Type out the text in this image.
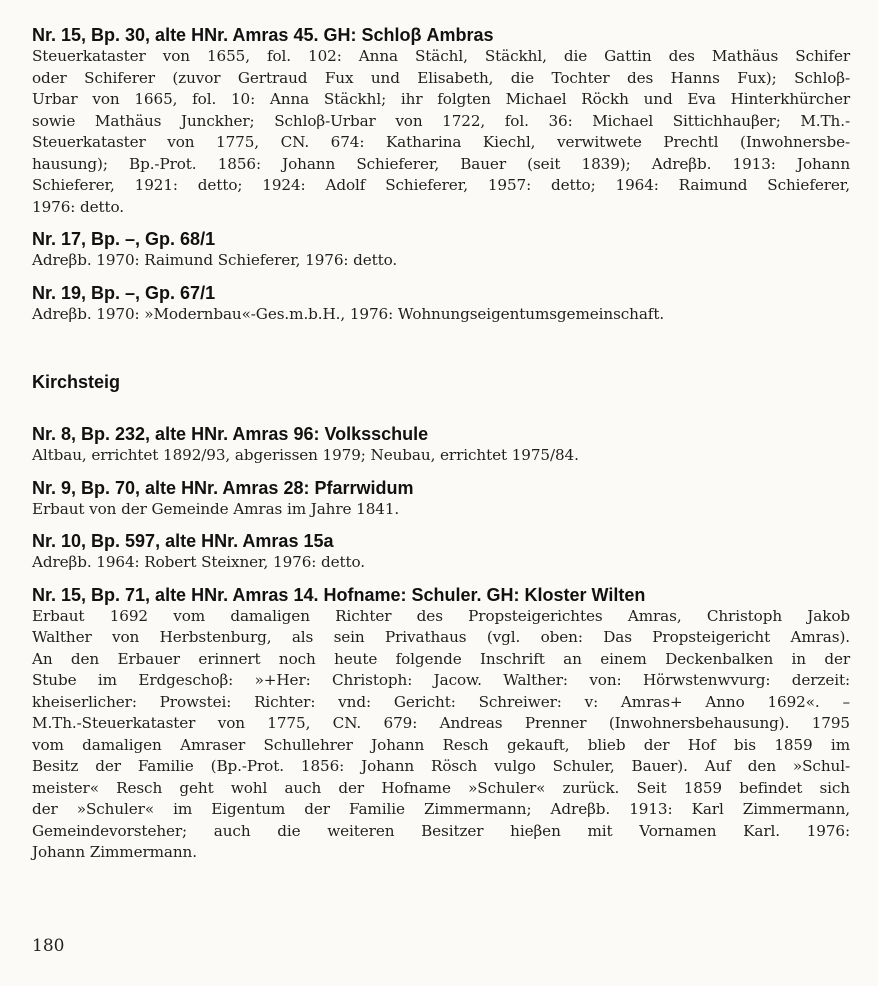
Nr. 15, Bp. 30, alte HNr. Amras 45. GH: Schloβ Ambras
Steuerkataster von 1655, fol. 102: Anna Stächl, Stäckhl, die Gattin des Mathäus Schifer
oder Schiferer (zuvor Gertraud Fux und Elisabeth, die Tochter des Hanns Fux); Schloβ-
Urbar von 1665, fol. 10: Anna Stäckhl; ihr folgten Michael Röckh und Eva Hinterkhürcher
sowie Mathäus Junckher; Schloβ-Urbar von 1722, fol. 36: Michael Sittichhauβer; M.Th.-
Steuerkataster von 1775, CN. 674: Katharina Kiechl, verwitwete Prechtl (Inwohnersbe-
hausung); Bp.-Prot. 1856: Johann Schieferer, Bauer (seit 1839); Adreβb. 1913: Johann
Schieferer, 1921: detto; 1924: Adolf Schieferer, 1957: detto; 1964: Raimund Schieferer,
1976: detto.
Nr. 17, Bp. –, Gp. 68/1
Adreβb. 1970: Raimund Schieferer, 1976: detto.
Nr. 19, Bp. –, Gp. 67/1
Adreβb. 1970: »Modernbau«-Ges.m.b.H., 1976: Wohnungseigentumsgemeinschaft.
Kirchsteig
Nr. 8, Bp. 232, alte HNr. Amras 96: Volksschule
Altbau, errichtet 1892/93, abgerissen 1979; Neubau, errichtet 1975/84.
Nr. 9, Bp. 70, alte HNr. Amras 28: Pfarrwidum
Erbaut von der Gemeinde Amras im Jahre 1841.
Nr. 10, Bp. 597, alte HNr. Amras 15a
Adreβb. 1964: Robert Steixner, 1976: detto.
Nr. 15, Bp. 71, alte HNr. Amras 14. Hofname: Schuler. GH: Kloster Wilten
Erbaut 1692 vom damaligen Richter des Propsteigerichtes Amras, Christoph Jakob
Walther von Herbstenburg, als sein Privathaus (vgl. oben: Das Propsteigericht Amras).
An den Erbauer erinnert noch heute folgende Inschrift an einem Deckenbalken in der
Stube im Erdgeschoβ: »+Her: Christoph: Jacow. Walther: von: Hörwstenwvurg: derzeit:
kheiserlicher: Prowstei: Richter: vnd: Gericht: Schreiwer: v: Amras+ Anno 1692«. –
M.Th.-Steuerkataster von 1775, CN. 679: Andreas Prenner (Inwohnersbehausung). 1795
vom damaligen Amraser Schullehrer Johann Resch gekauft, blieb der Hof bis 1859 im
Besitz der Familie (Bp.-Prot. 1856: Johann Rösch vulgo Schuler, Bauer). Auf den »Schul-
meister« Resch geht wohl auch der Hofname »Schuler« zurück. Seit 1859 befindet sich
der »Schuler« im Eigentum der Familie Zimmermann; Adreβb. 1913: Karl Zimmermann,
Gemeindevorsteher; auch die weiteren Besitzer hieβen mit Vornamen Karl. 1976:
Johann Zimmermann.
180
